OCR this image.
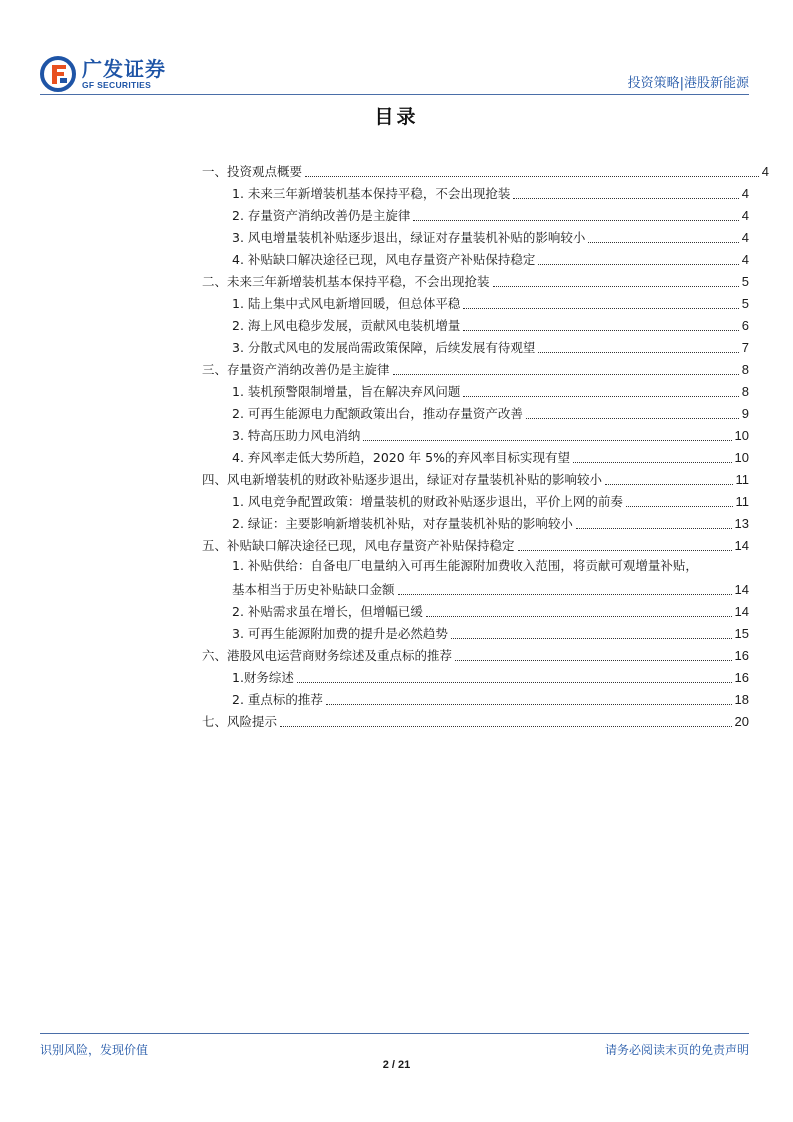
广发证券
GF SECURITIES	投资策略|港股新能源
目录
一、投资观点概要	4
1. 未来三年新增装机基本保持平稳，不会出现抢装	4
2. 存量资产消纳改善仍是主旋律	4
3. 风电增量装机补贴逐步退出，绿证对存量装机补贴的影响较小	4
4. 补贴缺口解决途径已现，风电存量资产补贴保持稳定	4
二、未来三年新增装机基本保持平稳，不会出现抢装	5
1. 陆上集中式风电新增回暖，但总体平稳	5
2. 海上风电稳步发展，贡献风电装机增量	6
3. 分散式风电的发展尚需政策保障，后续发展有待观望	7
三、存量资产消纳改善仍是主旋律	8
1. 装机预警限制增量，旨在解决弃风问题	8
2. 可再生能源电力配额政策出台，推动存量资产改善	9
3. 特高压助力风电消纳	10
4. 弃风率走低大势所趋，2020 年 5%的弃风率目标实现有望	10
四、风电新增装机的财政补贴逐步退出，绿证对存量装机补贴的影响较小	11
1. 风电竞争配置政策：增量装机的财政补贴逐步退出，平价上网的前奏	11
2. 绿证：主要影响新增装机补贴，对存量装机补贴的影响较小	13
五、补贴缺口解决途径已现，风电存量资产补贴保持稳定	14
1. 补贴供给：自备电厂电量纳入可再生能源附加费收入范围，将贡献可观增量补贴，
基本相当于历史补贴缺口金额	14
2. 补贴需求虽在增长，但增幅已缓	14
3. 可再生能源附加费的提升是必然趋势	15
六、港股风电运营商财务综述及重点标的推荐	16
1.财务综述	16
2. 重点标的推荐	18
七、风险提示	20
识别风险，发现价值	请务必阅读末页的免责声明
2 / 21
